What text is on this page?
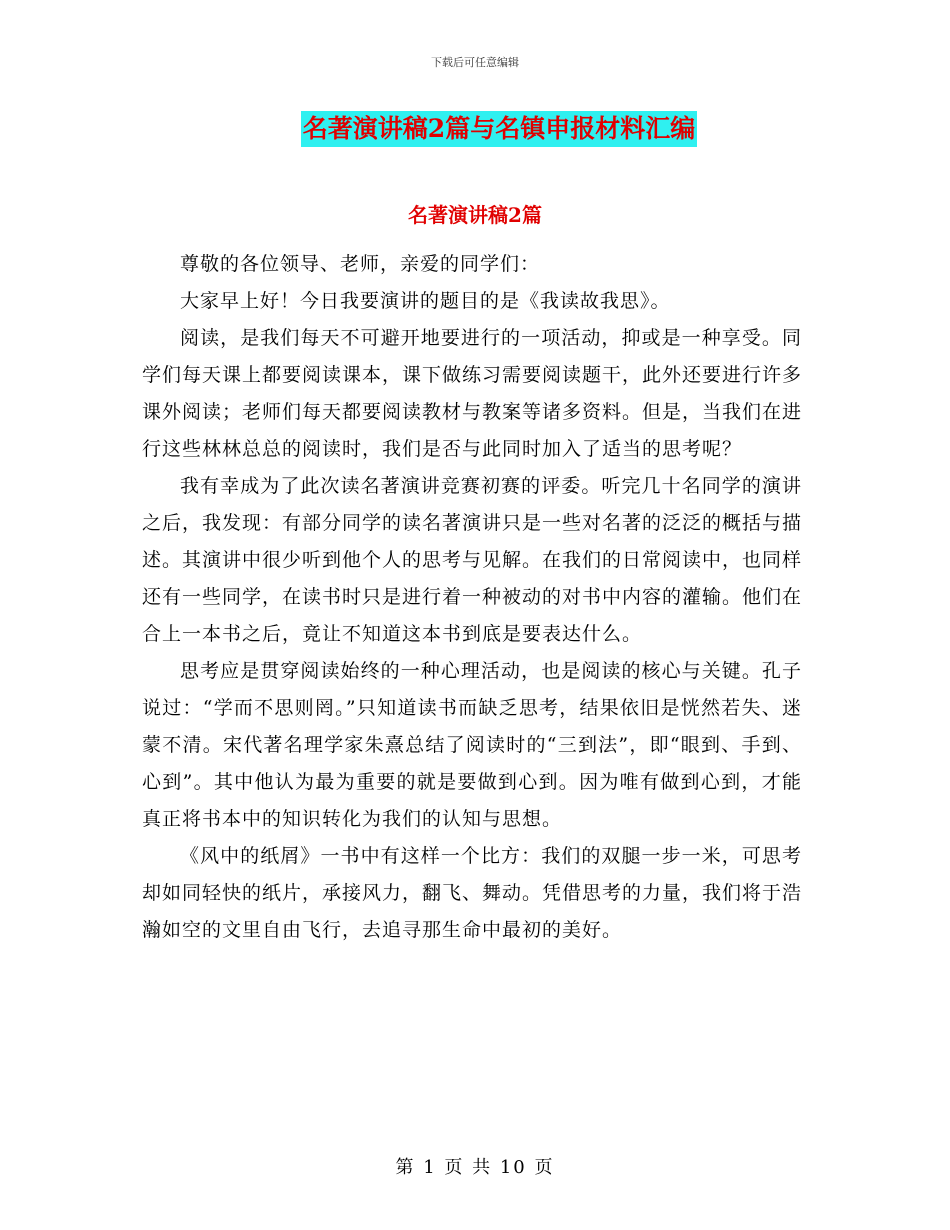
下载后可任意编辑
名著演讲稿2篇与名镇申报材料汇编
名著演讲稿2篇

尊敬的各位领导、老师，亲爱的同学们：

大家早上好！今日我要演讲的题目的是《我读故我思》。

阅读，是我们每天不可避开地要进行的一项活动，抑或是一种享受。同学们每天课上都要阅读课本，课下做练习需要阅读题干，此外还要进行许多课外阅读；老师们每天都要阅读教材与教案等诸多资料。但是，当我们在进行这些林林总总的阅读时，我们是否与此同时加入了适当的思考呢？

我有幸成为了此次读名著演讲竞赛初赛的评委。听完几十名同学的演讲之后，我发现：有部分同学的读名著演讲只是一些对名著的泛泛的概括与描述。其演讲中很少听到他个人的思考与见解。在我们的日常阅读中，也同样还有一些同学，在读书时只是进行着一种被动的对书中内容的灌输。他们在合上一本书之后，竟让不知道这本书到底是要表达什么。

思考应是贯穿阅读始终的一种心理活动，也是阅读的核心与关键。孔子说过：“学而不思则罔。”只知道读书而缺乏思考，结果依旧是恍然若失、迷蒙不清。宋代著名理学家朱熹总结了阅读时的“三到法”，即“眼到、手到、心到”。其中他认为最为重要的就是要做到心到。因为唯有做到心到，才能真正将书本中的知识转化为我们的认知与思想。

《风中的纸屑》一书中有这样一个比方：我们的双腿一步一米，可思考却如同轻快的纸片，承接风力，翻飞、舞动。凭借思考的力量，我们将于浩瀚如空的文里自由飞行，去追寻那生命中最初的美好。

第 1 页 共 10 页
